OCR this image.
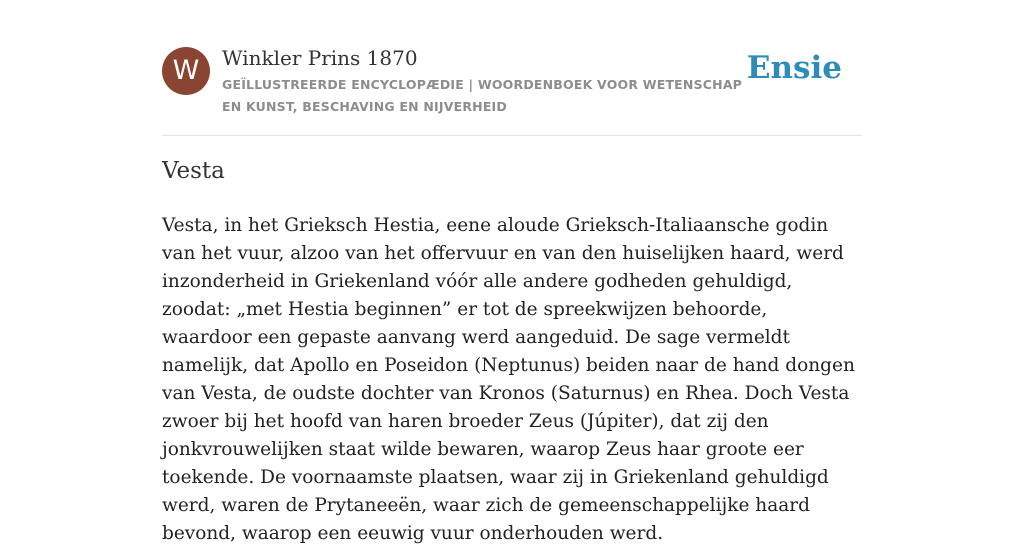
W	Winkler Prins 1870
GEÏLLUSTREERDE ENCYCLOPÆDIE | WOORDENBOEK VOOR WETENSCHAP EN KUNST, BESCHAVING EN NIJVERHEID
Ensie
Vesta

Vesta, in het Grieksch Hestia, eene aloude Grieksch-Italiaansche godin van het vuur, alzoo van het offervuur en van den huiselijken haard, werd inzonderheid in Griekenland vóór alle andere godheden gehuldigd, zoodat: „met Hestia beginnen” er tot de spreekwijzen behoorde, waardoor een gepaste aanvang werd aangeduid. De sage vermeldt namelijk, dat Apollo en Poseidon (Neptunus) beiden naar de hand dongen van Vesta, de oudste dochter van Kronos (Saturnus) en Rhea. Doch Vesta zwoer bij het hoofd van haren broeder Zeus (Júpiter), dat zij den jonkvrouwelijken staat wilde bewaren, waarop Zeus haar groote eer toekende. De voornaamste plaatsen, waar zij in Griekenland gehuldigd werd, waren de Prytaneeën, waar zich de gemeenschappelijke haard bevond, waarop een eeuwig vuur onderhouden werd.
